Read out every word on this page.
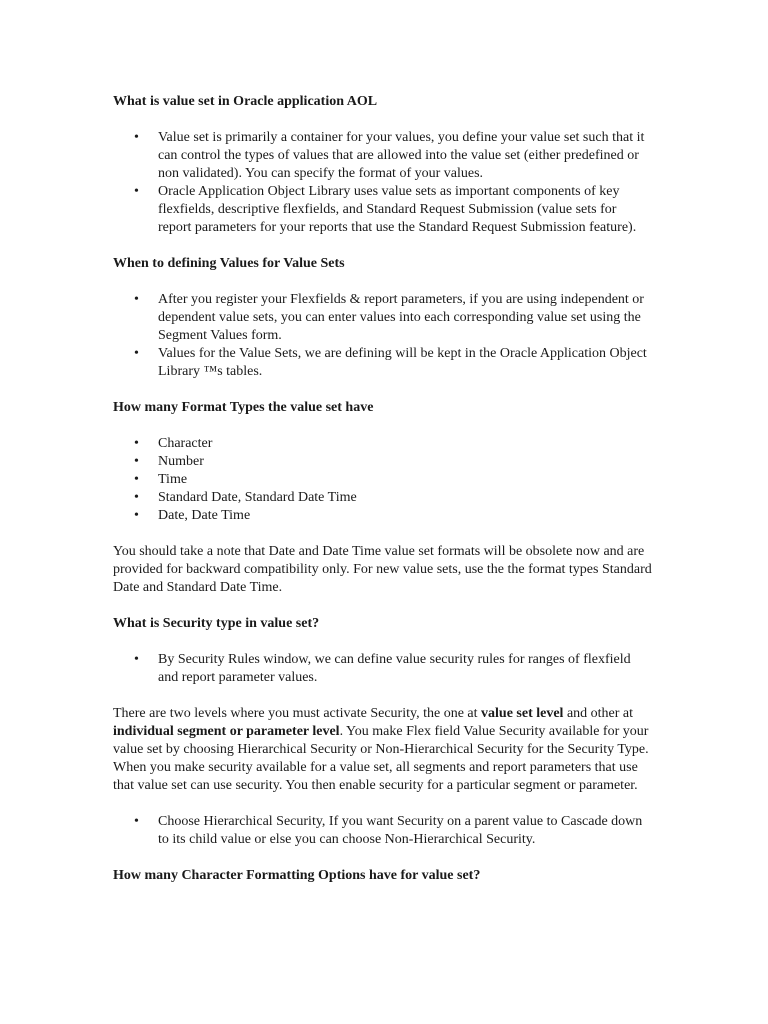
What is value set in Oracle application AOL
• Value set is primarily a container for your values, you define your value set such that it can control the types of values that are allowed into the value set (either predefined or non validated). You can specify the format of your values.
• Oracle Application Object Library uses value sets as important components of key flexfields, descriptive flexfields, and Standard Request Submission (value sets for report parameters for your reports that use the Standard Request Submission feature).
When to defining Values for Value Sets
• After you register your Flexfields & report parameters, if you are using independent or dependent value sets, you can enter values into each corresponding value set using the Segment Values form.
• Values for the Value Sets, we are defining will be kept in the Oracle Application Object Library ™s tables.
How many Format Types the value set have
• Character
• Number
• Time
• Standard Date, Standard Date Time
• Date, Date Time

You should take a note that Date and Date Time value set formats will be obsolete now and are provided for backward compatibility only. For new value sets, use the the format types Standard Date and Standard Date Time.

What is Security type in value set?
• By Security Rules window, we can define value security rules for ranges of flexfield and report parameter values.

There are two levels where you must activate Security, the one at value set level and other at individual segment or parameter level. You make Flex field Value Security available for your value set by choosing Hierarchical Security or Non-Hierarchical Security for the Security Type. When you make security available for a value set, all segments and report parameters that use that value set can use security. You then enable security for a particular segment or parameter.

• Choose Hierarchical Security, If you want Security on a parent value to Cascade down to its child value or else you can choose Non-Hierarchical Security.
How many Character Formatting Options have for value set?
